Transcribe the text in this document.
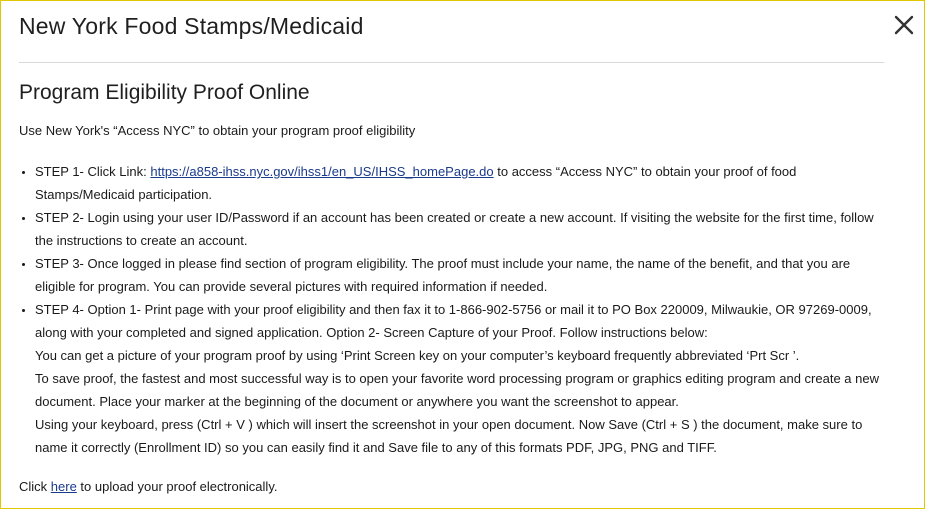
New York Food Stamps/Medicaid
Program Eligibility Proof Online

Use New York's “Access NYC” to obtain your program proof eligibility

• STEP 1- Click Link: https://a858-ihss.nyc.gov/ihss1/en_US/IHSS_homePage.do to access “Access NYC” to obtain your proof of food Stamps/Medicaid participation.
• STEP 2- Login using your user ID/Password if an account has been created or create a new account. If visiting the website for the first time, follow the instructions to create an account.
• STEP 3- Once logged in please find section of program eligibility. The proof must include your name, the name of the benefit, and that you are eligible for program. You can provide several pictures with required information if needed.
• STEP 4- Option 1- Print page with your proof eligibility and then fax it to 1-866-902-5756 or mail it to PO Box 220009, Milwaukie, OR 97269-0009, along with your completed and signed application. Option 2- Screen Capture of your Proof. Follow instructions below:
You can get a picture of your program proof by using ‘Print Screen key on your computer’s keyboard frequently abbreviated ‘Prt Scr ’.
To save proof, the fastest and most successful way is to open your favorite word processing program or graphics editing program and create a new document. Place your marker at the beginning of the document or anywhere you want the screenshot to appear.
Using your keyboard, press (Ctrl + V ) which will insert the screenshot in your open document. Now Save (Ctrl + S ) the document, make sure to name it correctly (Enrollment ID) so you can easily find it and Save file to any of this formats PDF, JPG, PNG and TIFF.

Click here to upload your proof electronically.
